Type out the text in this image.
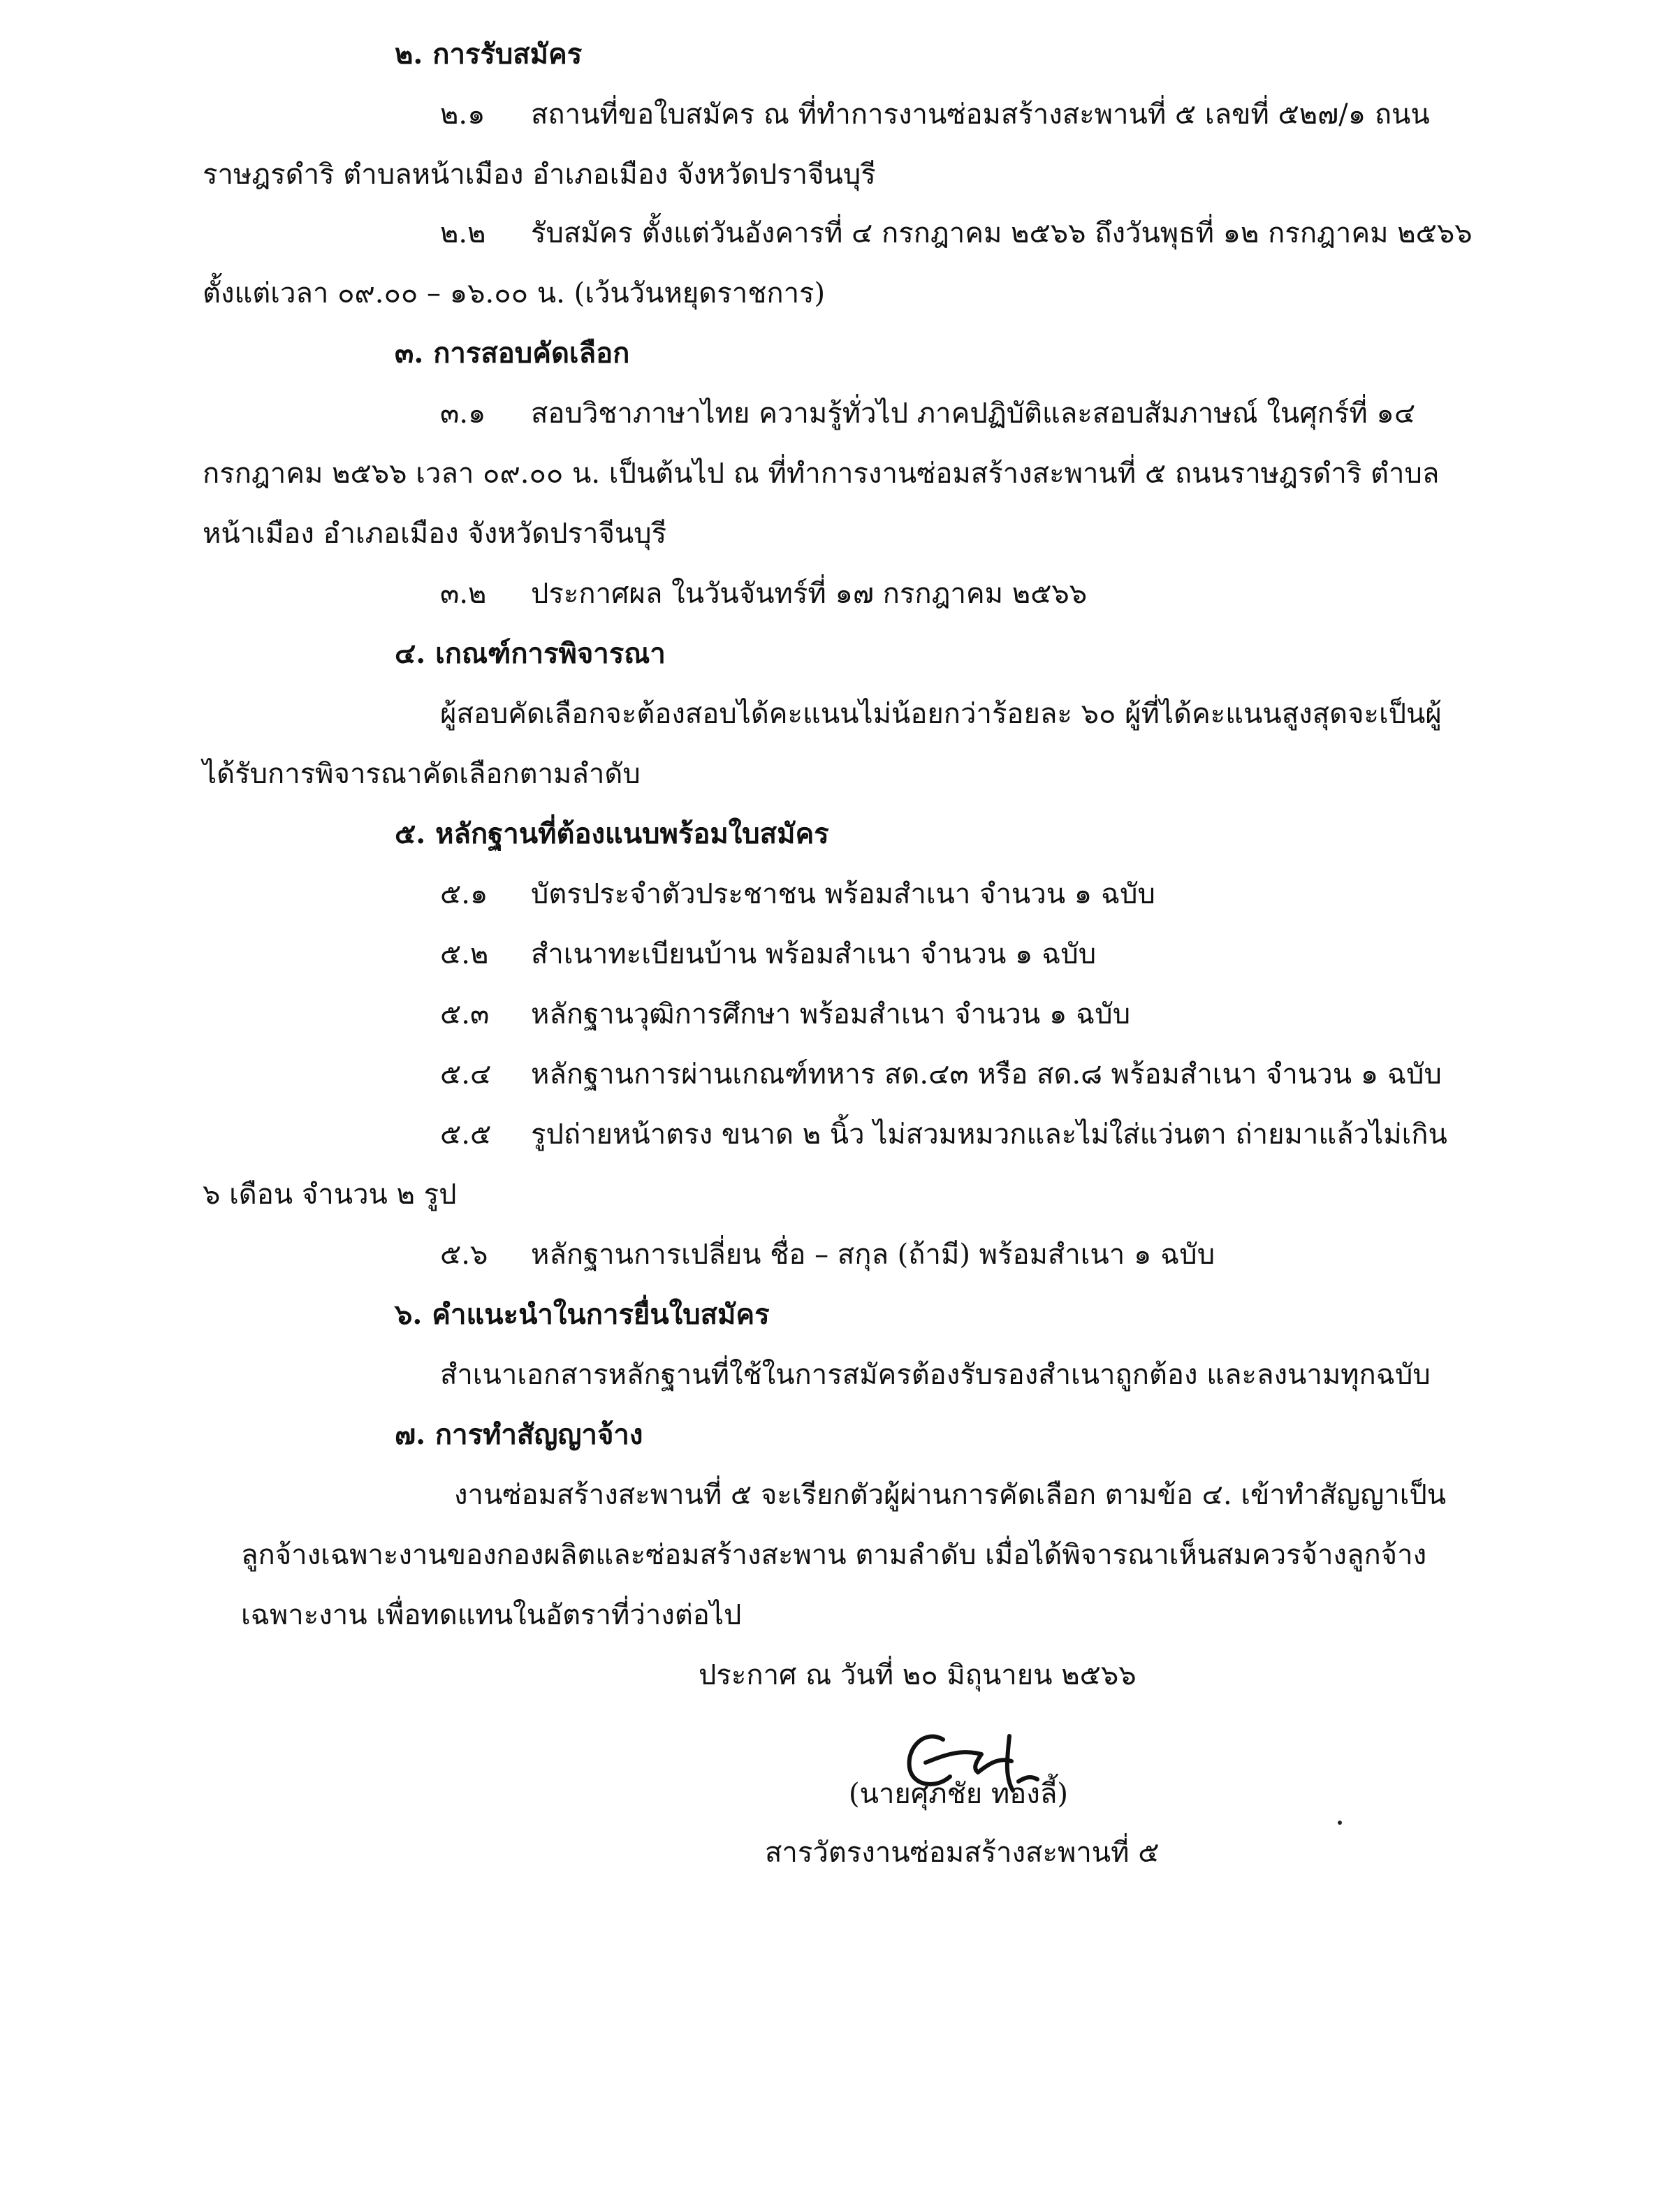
๒. การรับสมัคร
๒.๑ สถานที่ขอใบสมัคร ณ ที่ทำการงานซ่อมสร้างสะพานที่ ๕ เลขที่ ๕๒๗/๑ ถนน
ราษฎรดำริ ตำบลหน้าเมือง อำเภอเมือง จังหวัดปราจีนบุรี
๒.๒ รับสมัคร ตั้งแต่วันอังคารที่ ๔ กรกฎาคม ๒๕๖๖ ถึงวันพุธที่ ๑๒ กรกฎาคม ๒๕๖๖
ตั้งแต่เวลา ๐๙.๐๐ – ๑๖.๐๐ น. (เว้นวันหยุดราชการ)
๓. การสอบคัดเลือก
๓.๑ สอบวิชาภาษาไทย ความรู้ทั่วไป ภาคปฏิบัติและสอบสัมภาษณ์ ในศุกร์ที่ ๑๔
กรกฎาคม ๒๕๖๖ เวลา ๐๙.๐๐ น. เป็นต้นไป ณ ที่ทำการงานซ่อมสร้างสะพานที่ ๕ ถนนราษฎรดำริ ตำบล
หน้าเมือง อำเภอเมือง จังหวัดปราจีนบุรี
๓.๒ ประกาศผล ในวันจันทร์ที่ ๑๗ กรกฎาคม ๒๕๖๖
๔. เกณฑ์การพิจารณา
ผู้สอบคัดเลือกจะต้องสอบได้คะแนนไม่น้อยกว่าร้อยละ ๖๐ ผู้ที่ได้คะแนนสูงสุดจะเป็นผู้
ได้รับการพิจารณาคัดเลือกตามลำดับ
๕. หลักฐานที่ต้องแนบพร้อมใบสมัคร
๕.๑ บัตรประจำตัวประชาชน พร้อมสำเนา จำนวน ๑ ฉบับ
๕.๒ สำเนาทะเบียนบ้าน พร้อมสำเนา จำนวน ๑ ฉบับ
๕.๓ หลักฐานวุฒิการศึกษา พร้อมสำเนา จำนวน ๑ ฉบับ
๕.๔ หลักฐานการผ่านเกณฑ์ทหาร สด.๔๓ หรือ สด.๘ พร้อมสำเนา จำนวน ๑ ฉบับ
๕.๕ รูปถ่ายหน้าตรง ขนาด ๒ นิ้ว ไม่สวมหมวกและไม่ใส่แว่นตา ถ่ายมาแล้วไม่เกิน
๖ เดือน จำนวน ๒ รูป
๕.๖ หลักฐานการเปลี่ยน ชื่อ – สกุล (ถ้ามี) พร้อมสำเนา ๑ ฉบับ
๖. คำแนะนำในการยื่นใบสมัคร
สำเนาเอกสารหลักฐานที่ใช้ในการสมัครต้องรับรองสำเนาถูกต้อง และลงนามทุกฉบับ
๗. การทำสัญญาจ้าง
งานซ่อมสร้างสะพานที่ ๕ จะเรียกตัวผู้ผ่านการคัดเลือก ตามข้อ ๔. เข้าทำสัญญาเป็น
ลูกจ้างเฉพาะงานของกองผลิตและซ่อมสร้างสะพาน ตามลำดับ เมื่อได้พิจารณาเห็นสมควรจ้างลูกจ้าง
เฉพาะงาน เพื่อทดแทนในอัตราที่ว่างต่อไป
ประกาศ ณ วันที่ ๒๐ มิถุนายน ๒๕๖๖
(นายศุภชัย ทองลี้)
สารวัตรงานซ่อมสร้างสะพานที่ ๕
